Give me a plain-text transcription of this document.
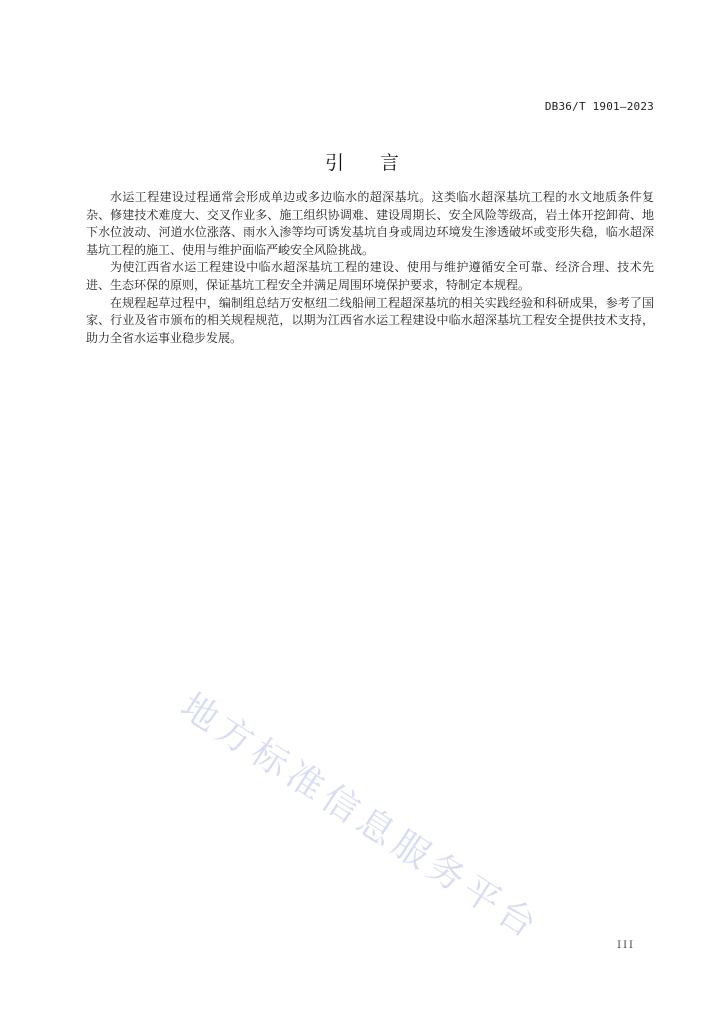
DB36/T 1901—2023
引言

水运工程建设过程通常会形成单边或多边临水的超深基坑。这类临水超深基坑工程的水文地质条件复杂、修建技术难度大、交叉作业多、施工组织协调难、建设周期长、安全风险等级高，岩土体开挖卸荷、地下水位波动、河道水位涨落、雨水入渗等均可诱发基坑自身或周边环境发生渗透破坏或变形失稳，临水超深基坑工程的施工、使用与维护面临严峻安全风险挑战。

为使江西省水运工程建设中临水超深基坑工程的建设、使用与维护遵循安全可靠、经济合理、技术先进、生态环保的原则，保证基坑工程安全并满足周围环境保护要求，特制定本规程。

在规程起草过程中，编制组总结万安枢纽二线船闸工程超深基坑的相关实践经验和科研成果，参考了国家、行业及省市颁布的相关规程规范，以期为江西省水运工程建设中临水超深基坑工程安全提供技术支持，助力全省水运事业稳步发展。

地方标准信息服务平台	III
